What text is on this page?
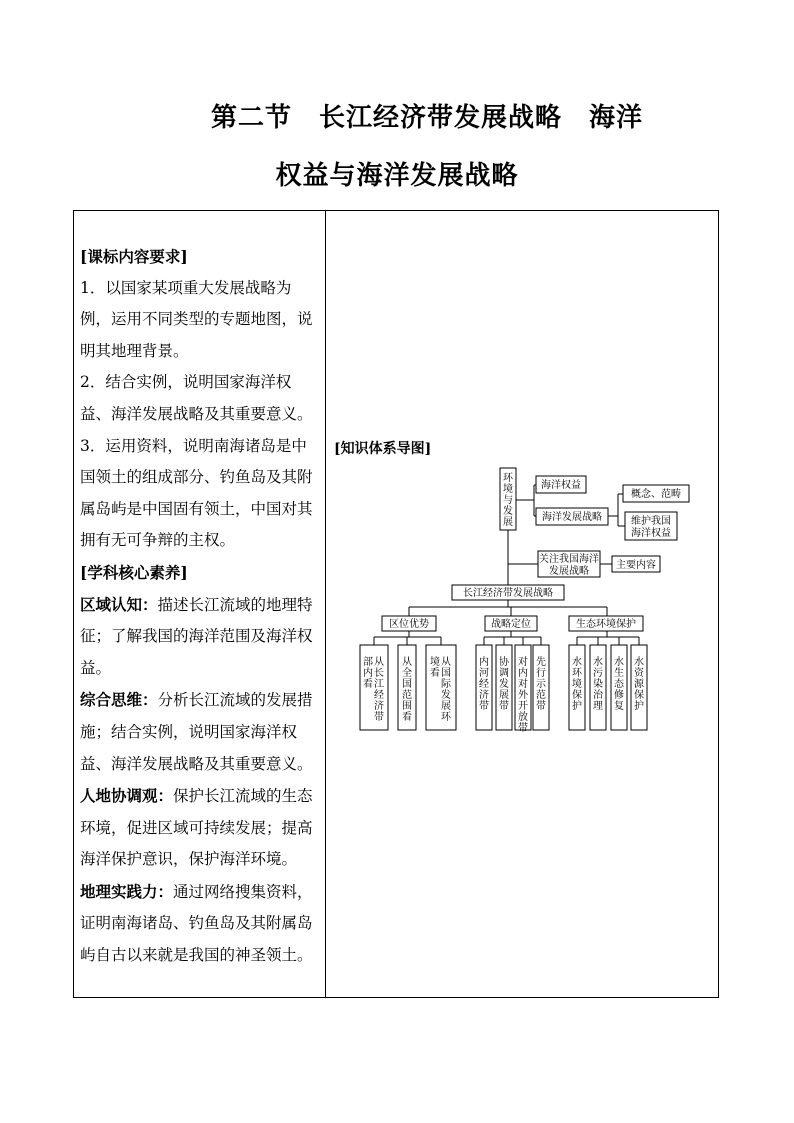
第二节　长江经济带发展战略　海洋
权益与海洋发展战略

[课标内容要求]

1．以国家某项重大发展战略为例，运用不同类型的专题地图，说明其地理背景。

2．结合实例，说明国家海洋权益、海洋发展战略及其重要意义。

3．运用资料，说明南海诸岛是中国领土的组成部分、钓鱼岛及其附属岛屿是中国固有领土，中国对其拥有无可争辩的主权。

[学科核心素养]

区域认知：描述长江流域的地理特征；了解我国的海洋范围及海洋权益。

综合思维：分析长江流域的发展措施；结合实例，说明国家海洋权益、海洋发展战略及其重要意义。

人地协调观：保护长江流域的生态环境，促进区域可持续发展；提高海洋保护意识，保护海洋环境。

地理实践力：通过网络搜集资料，证明南海诸岛、钓鱼岛及其附属岛屿自古以来就是我国的神圣领土。

[知识体系导图]
环境与发展
海洋权益
海洋发展战略
概念、范畴
维护我国海洋权益
关注我国海洋发展战略
主要内容
长江经济带发展战略
区位优势	战略定位	生态环境保护
从长江经济带部内看
从全国范围看
从国际发展环境看
内河经济带
协调发展带
对内对外开放带
先行示范带
水环境保护
水污染治理
水生态修复
水资源保护
